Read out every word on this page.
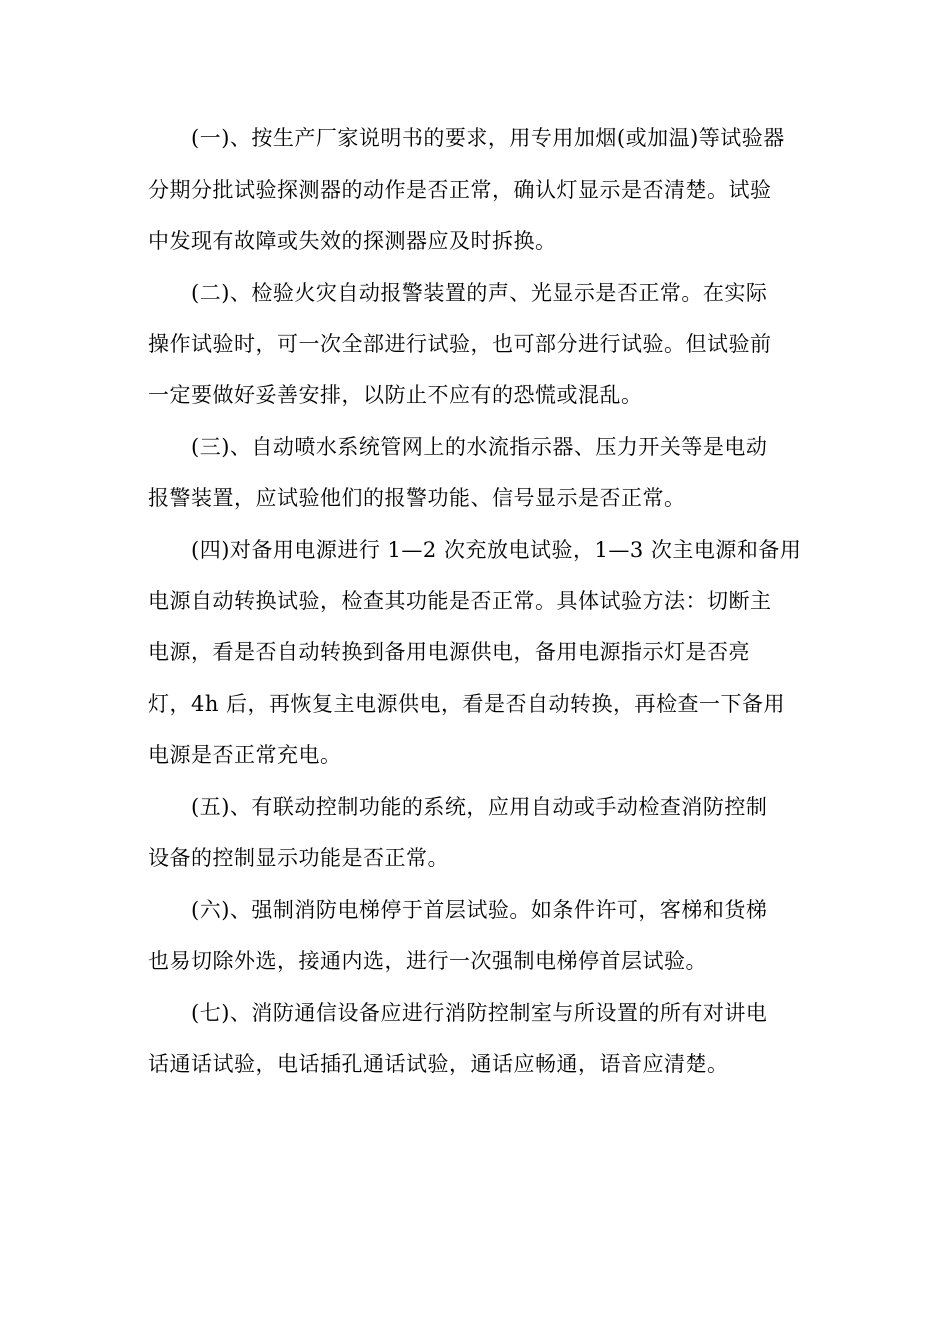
(一)、按生产厂家说明书的要求，用专用加烟(或加温)等试验器
分期分批试验探测器的动作是否正常，确认灯显示是否清楚。试验
中发现有故障或失效的探测器应及时拆换。
(二)、检验火灾自动报警装置的声、光显示是否正常。在实际
操作试验时，可一次全部进行试验，也可部分进行试验。但试验前
一定要做好妥善安排，以防止不应有的恐慌或混乱。
(三)、自动喷水系统管网上的水流指示器、压力开关等是电动
报警装置，应试验他们的报警功能、信号显示是否正常。
(四)对备用电源进行 1—2 次充放电试验，1—3 次主电源和备用
电源自动转换试验，检查其功能是否正常。具体试验方法：切断主
电源，看是否自动转换到备用电源供电，备用电源指示灯是否亮
灯，4h 后，再恢复主电源供电，看是否自动转换，再检查一下备用
电源是否正常充电。
(五)、有联动控制功能的系统，应用自动或手动检查消防控制
设备的控制显示功能是否正常。
(六)、强制消防电梯停于首层试验。如条件许可，客梯和货梯
也易切除外选，接通内选，进行一次强制电梯停首层试验。
(七)、消防通信设备应进行消防控制室与所设置的所有对讲电
话通话试验，电话插孔通话试验，通话应畅通，语音应清楚。
